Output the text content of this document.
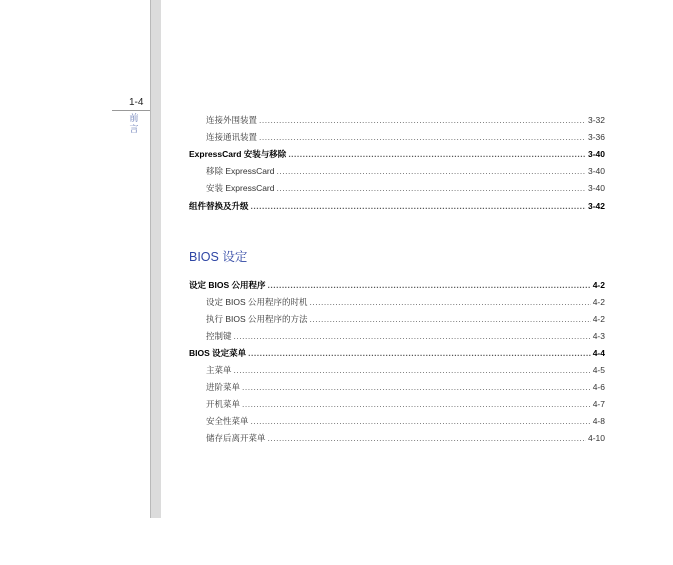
1-4
前
言
连接外围装置 .....	3-32
连接通讯装置 .....	3-36
ExpressCard 安装与移除 .....	3-40
移除 ExpressCard .....	3-40
安装 ExpressCard .....	3-40
组件替换及升级 .....	3-42
BIOS 设定
设定 BIOS 公用程序 .....	4-2
设定 BIOS 公用程序的时机 .....	4-2
执行 BIOS 公用程序的方法 .....	4-2
控制键 .....	4-3
BIOS 设定菜单 .....	4-4
主菜单 .....	4-5
进阶菜单 .....	4-6
开机菜单 .....	4-7
安全性菜单 .....	4-8
储存后离开菜单 .....	4-10
